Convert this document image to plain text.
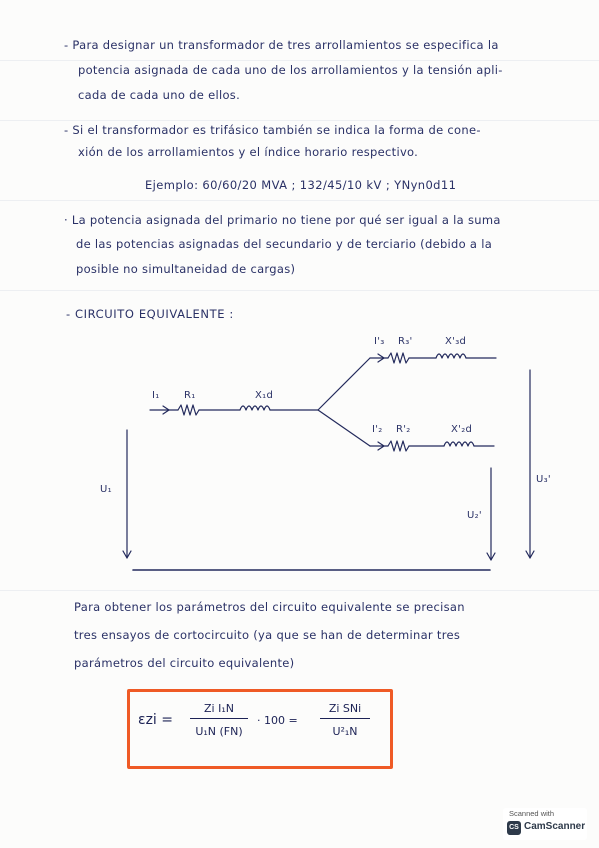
- Para designar un transformador de tres arrollamientos se especifica la
potencia asignada de cada uno de los arrollamientos y la tensión apli-
cada de cada uno de ellos.
- Si el transformador es trifásico también se indica la forma de cone-
xión de los arrollamientos y el índice horario respectivo.
Ejemplo: 60/60/20 MVA ; 132/45/10 kV ; YNyn0d11
· La potencia asignada del primario no tiene por qué ser igual a la suma
de las potencias asignadas del secundario y de terciario (debido a la
posible no simultaneidad de cargas)
- CIRCUITO EQUIVALENTE :
I₁ R₁	X₁d
I'₃ R₃'	X'₃d
I'₂ R'₂	X'₂d
U₁
U₂'
U₃'
Para obtener los parámetros del circuito equivalente se precisan
tres ensayos de cortocircuito (ya que se han de determinar tres
parámetros del circuito equivalente)
$\varepsilon zi = \frac{\text{Zi I₁N}}{\text{U₁N (FN)}} \cdot 100$ =
Zi SNi
U²₁N
Scanned with
CS CamScanner
